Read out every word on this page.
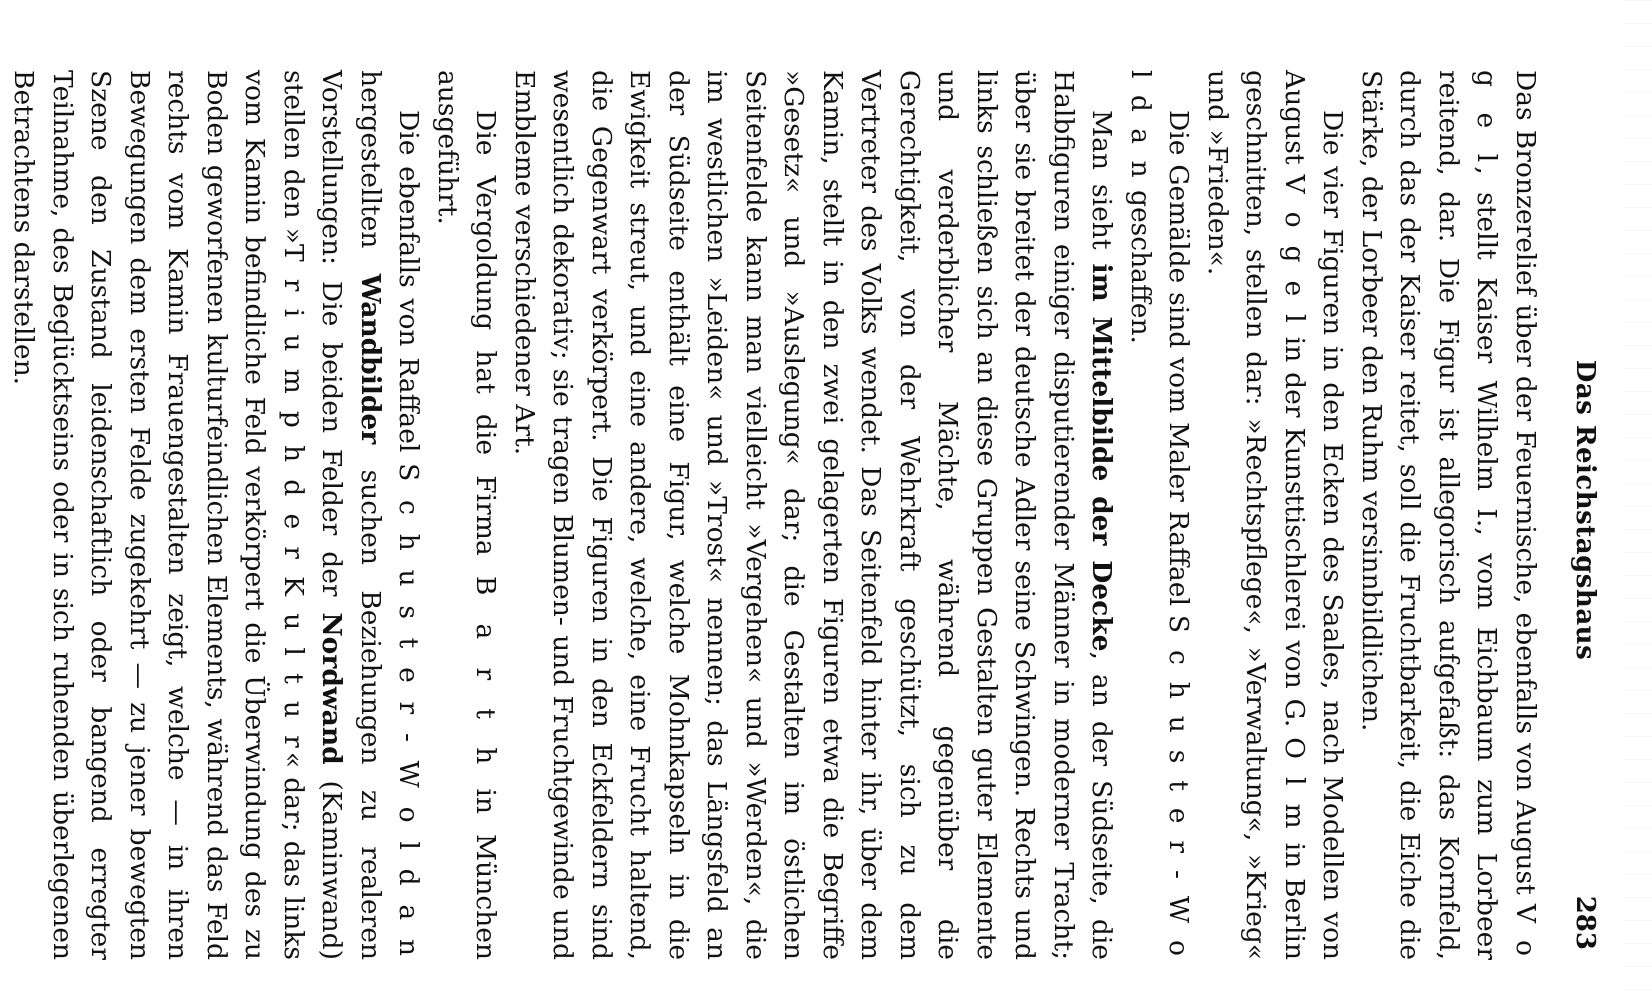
Das Reichstagshaus
283

Das Bronzerelief über der Feuernische, ebenfalls von August V o g e l, stellt Kaiser Wilhelm I., vom Eichbaum zum Lorbeer reitend, dar. Die Figur ist allegorisch aufgefaßt: das Kornfeld, durch das der Kaiser reitet, soll die Fruchtbarkeit, die Eiche die Stärke, der Lorbeer den Ruhm versinnbildlichen.

Die vier Figuren in den Ecken des Saales, nach Modellen von August V o g e l in der Kunsttischlerei von G. O l m in Berlin geschnitten, stellen dar: »Rechtspflege«, »Verwaltung«, »Krieg« und »Frieden«.

Die Gemälde sind vom Maler Raffael S c h u s t e r - W o l d a n geschaffen.

Man sieht im Mittelbilde der Decke, an der Südseite, die Halbfiguren einiger disputierender Männer in moderner Tracht; über sie breitet der deutsche Adler seine Schwingen. Rechts und links schließen sich an diese Gruppen Gestalten guter Elemente und verderblicher Mächte, während gegenüber die Gerechtigkeit, von der Wehrkraft geschützt, sich zu dem Vertreter des Volks wendet. Das Seitenfeld hinter ihr, über dem Kamin, stellt in den zwei gelagerten Figuren etwa die Begriffe »Gesetz« und »Auslegung« dar; die Gestalten im östlichen Seitenfelde kann man vielleicht »Vergehen« und »Werden«, die im westlichen »Leiden« und »Trost« nennen; das Längsfeld an der Südseite enthält eine Figur, welche Mohnkapseln in die Ewigkeit streut, und eine andere, welche, eine Frucht haltend, die Gegenwart verkörpert. Die Figuren in den Eckfeldern sind wesentlich dekorativ; sie tragen Blumen- und Fruchtgewinde und Embleme verschiedener Art.

Die Vergoldung hat die Firma B a r t h in München ausgeführt.

Die ebenfalls von Raffael S c h u s t e r - W o l d a n hergestellten Wandbilder suchen Beziehungen zu realeren Vorstellungen: Die beiden Felder der Nordwand (Kaminwand) stellen den »T r i u m p h d e r K u l t u r« dar; das links vom Kamin befindliche Feld verkörpert die Überwindung des zu Boden geworfenen kulturfeindlichen Elements, während das Feld rechts vom Kamin Frauengestalten zeigt, welche — in ihren Bewegungen dem ersten Felde zugekehrt — zu jener bewegten Szene den Zustand leidenschaftlich oder bangend erregter Teilnahme, des Beglücktseins oder in sich ruhenden überlegenen Betrachtens darstellen.
